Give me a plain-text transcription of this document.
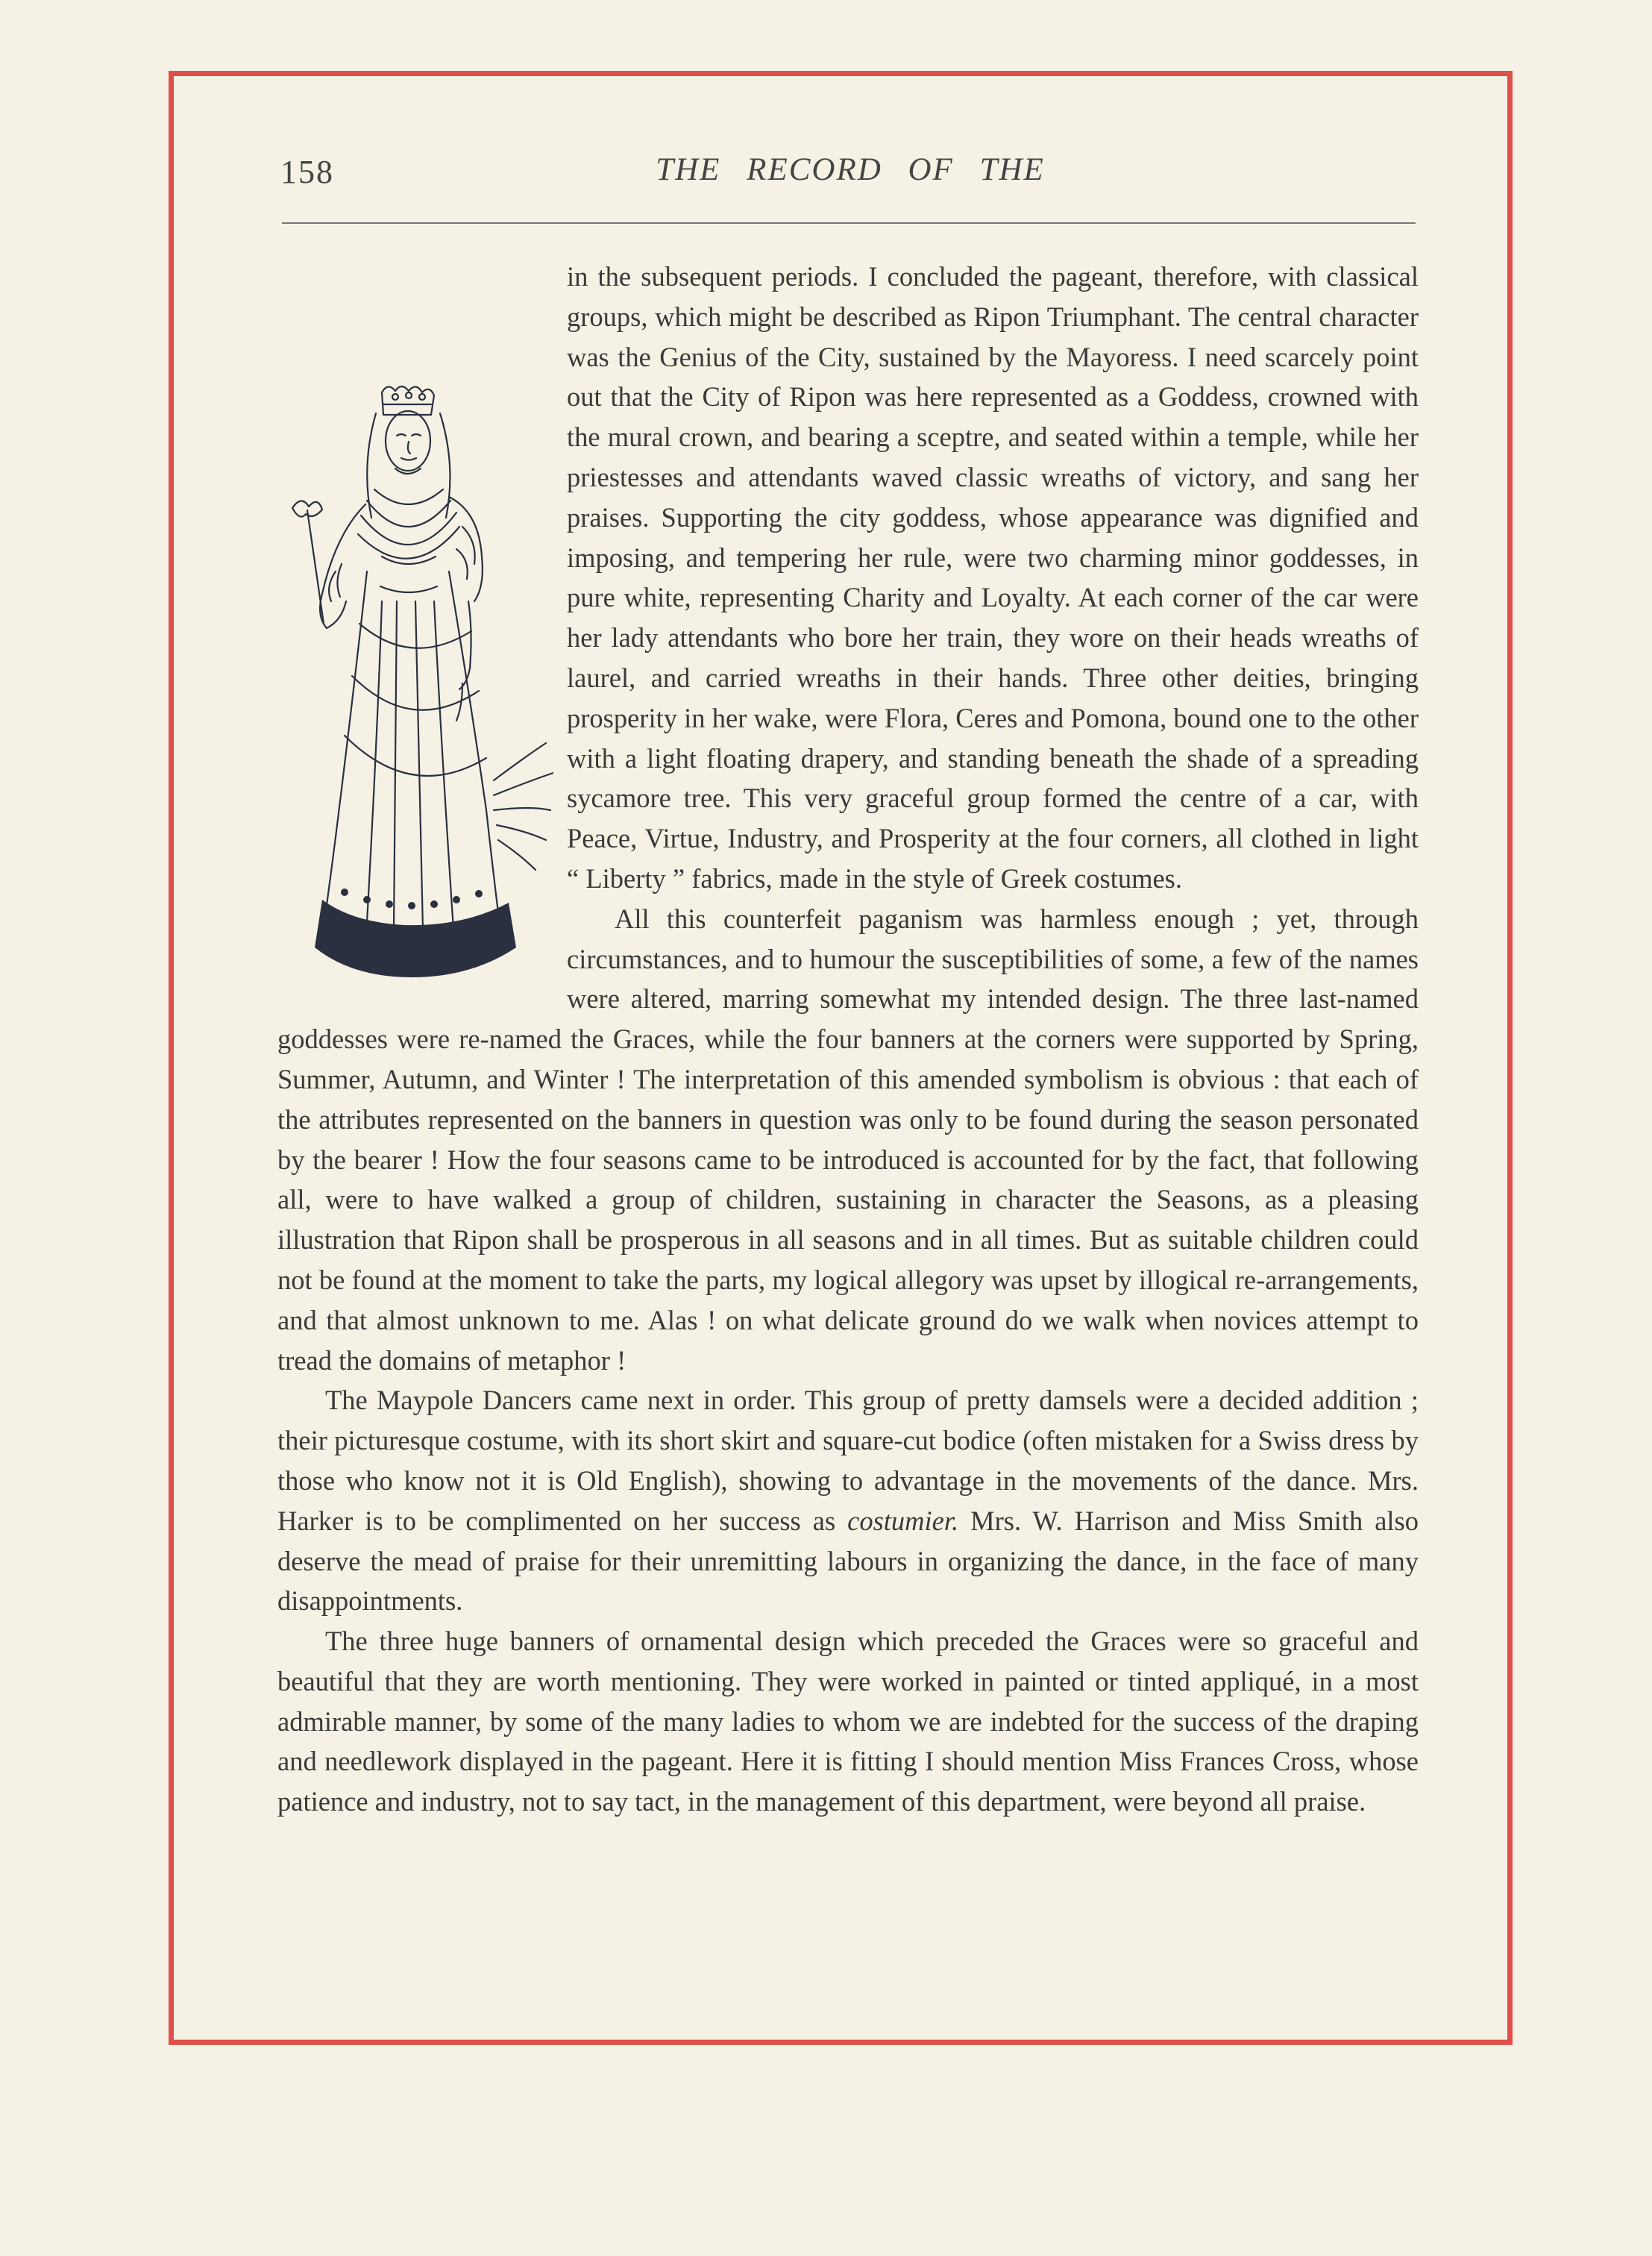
158	THE RECORD OF THE

in the subsequent periods. I concluded the pageant, therefore, with classical groups, which might be described as Ripon Triumphant. The central character was the Genius of the City, sustained by the Mayoress. I need scarcely point out that the City of Ripon was here represented as a Goddess, crowned with the mural crown, and bearing a sceptre, and seated within a temple, while her priestesses and attendants waved classic wreaths of victory, and sang her praises. Supporting the city goddess, whose appearance was dignified and imposing, and tempering her rule, were two charming minor goddesses, in pure white, representing Charity and Loyalty. At each corner of the car were her lady attendants who bore her train, they wore on their heads wreaths of laurel, and carried wreaths in their hands. Three other deities, bringing prosperity in her wake, were Flora, Ceres and Pomona, bound one to the other with a light floating drapery, and standing beneath the shade of a spreading sycamore tree. This very graceful group formed the centre of a car, with Peace, Virtue, Industry, and Prosperity at the four corners, all clothed in light “ Liberty ” fabrics, made in the style of Greek costumes.

All this counterfeit paganism was harmless enough ; yet, through circumstances, and to humour the susceptibilities of some, a few of the names were altered, marring somewhat my intended design. The three last-named goddesses were re-named the Graces, while the four banners at the corners were supported by Spring, Summer, Autumn, and Winter ! The interpretation of this amended symbolism is obvious : that each of the attributes represented on the banners in question was only to be found during the season personated by the bearer ! How the four seasons came to be introduced is accounted for by the fact, that following all, were to have walked a group of children, sustaining in character the Seasons, as a pleasing illustration that Ripon shall be prosperous in all seasons and in all times. But as suitable children could not be found at the moment to take the parts, my logical allegory was upset by illogical re-arrangements, and that almost unknown to me. Alas ! on what delicate ground do we walk when novices attempt to tread the domains of metaphor !

The Maypole Dancers came next in order. This group of pretty damsels were a decided addition ; their picturesque costume, with its short skirt and square-cut bodice (often mistaken for a Swiss dress by those who know not it is Old English), showing to advantage in the movements of the dance. Mrs. Harker is to be complimented on her success as costumier. Mrs. W. Harrison and Miss Smith also deserve the mead of praise for their unremitting labours in organizing the dance, in the face of many disappointments.

The three huge banners of ornamental design which preceded the Graces were so graceful and beautiful that they are worth mentioning. They were worked in painted or tinted appliqué, in a most admirable manner, by some of the many ladies to whom we are indebted for the success of the draping and needlework displayed in the pageant. Here it is fitting I should mention Miss Frances Cross, whose patience and industry, not to say tact, in the management of this department, were beyond all praise.
